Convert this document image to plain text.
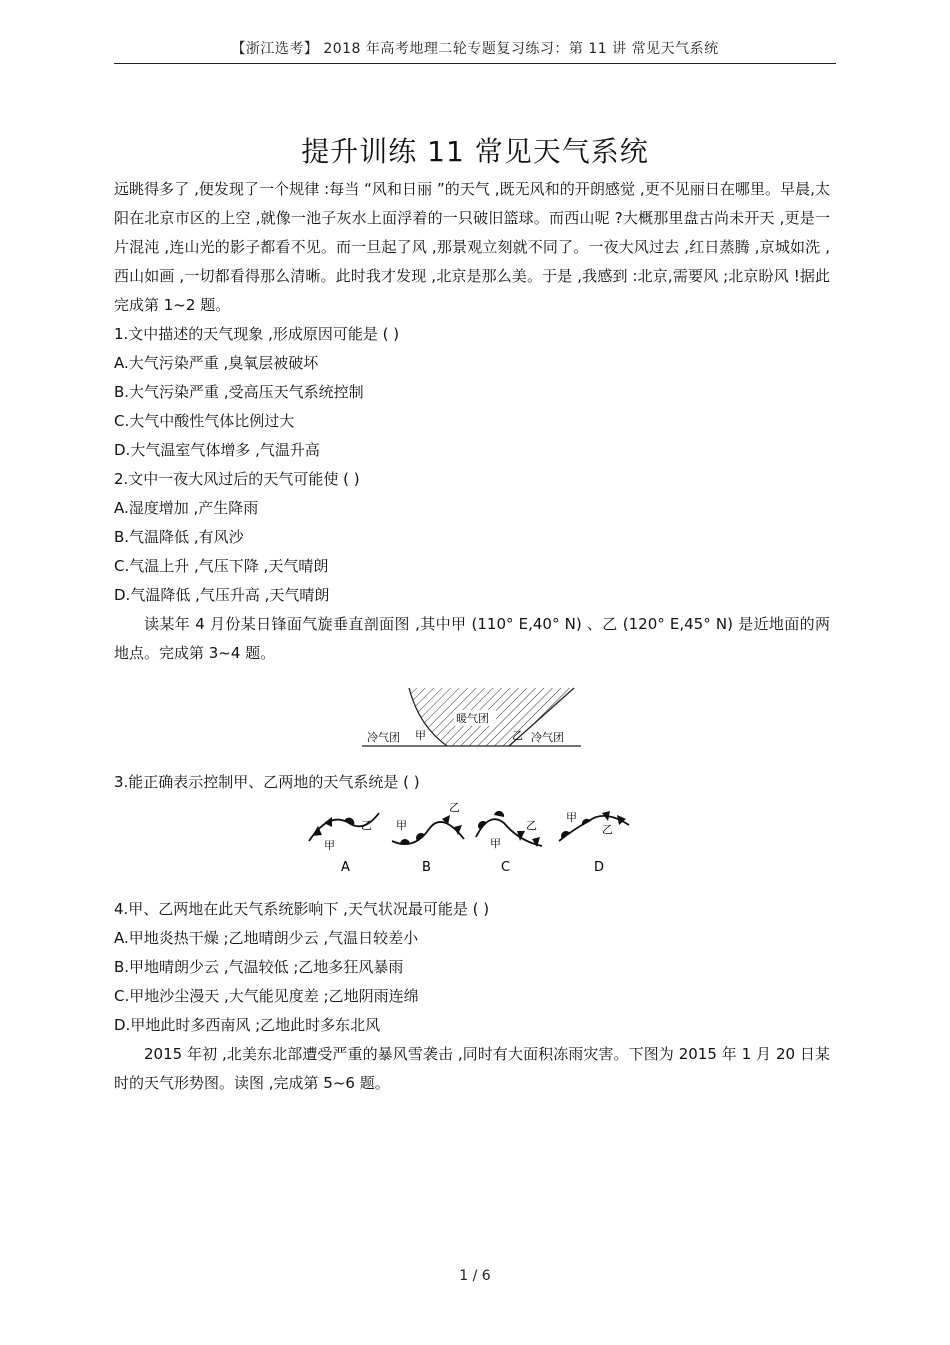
【浙江选考】 2018 年高考地理二轮专题复习练习：第 11 讲 常见天气系统
提升训练 11 常见天气系统

远眺得多了 ,便发现了一个规律 :每当 “风和日丽 ”的天气 ,既无风和的开朗感觉 ,更不见丽日在哪里。早晨,太阳在北京市区的上空 ,就像一池子灰水上面浮着的一只破旧篮球。而西山呢 ?大概那里盘古尚未开天 ,更是一片混沌 ,连山光的影子都看不见。而一旦起了风 ,那景观立刻就不同了。一夜大风过去 ,红日蒸腾 ,京城如洗 ,西山如画 ,一切都看得那么清晰。此时我才发现 ,北京是那么美。于是 ,我感到 :北京,需要风 ;北京盼风 !据此完成第 1~2 题。

1.文中描述的天气现象 ,形成原因可能是 ( )

A.大气污染严重 ,臭氧层被破坏

B.大气污染严重 ,受高压天气系统控制

C.大气中酸性气体比例过大

D.大气温室气体增多 ,气温升高

2.文中一夜大风过后的天气可能使 ( )

A.湿度增加 ,产生降雨

B.气温降低 ,有风沙

C.气温上升 ,气压下降 ,天气晴朗

D.气温降低 ,气压升高 ,天气晴朗

读某年 4 月份某日锋面气旋垂直剖面图 ,其中甲 (110° E,40° N) 、乙 (120° E,45° N) 是近地面的两地点。完成第 3~4 题。

冷气团 甲
暖气团
乙 冷气团

3.能正确表示控制甲、乙两地的天气系统是 ( )

甲
乙
A
甲
乙
B
甲
乙
C
甲
乙
D

4.甲、乙两地在此天气系统影响下 ,天气状况最可能是 ( )

A.甲地炎热干燥 ;乙地晴朗少云 ,气温日较差小

B.甲地晴朗少云 ,气温较低 ;乙地多狂风暴雨

C.甲地沙尘漫天 ,大气能见度差 ;乙地阴雨连绵

D.甲地此时多西南风 ;乙地此时多东北风

2015 年初 ,北美东北部遭受严重的暴风雪袭击 ,同时有大面积冻雨灾害。下图为 2015 年 1 月 20 日某时的天气形势图。读图 ,完成第 5~6 题。

1 / 6
